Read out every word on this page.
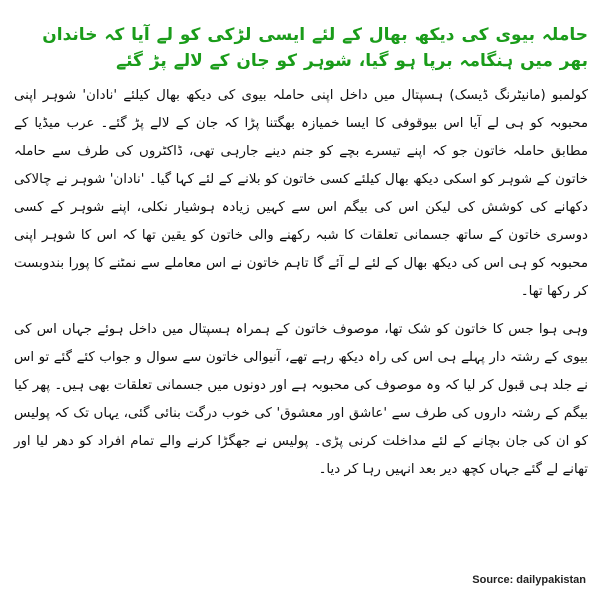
حاملہ بیوی کی دیکھ بھال کے لئے ایسی لڑکی کو لے آیا کہ خاندان بھر میں ہنگامہ برپا ہو گیا، شوہر کو جان کے لالے پڑ گئے

کولمبو (مانیٹرنگ ڈیسک) ہسپتال میں داخل اپنی حاملہ بیوی کی دیکھ بھال کیلئے 'نادان' شوہر اپنی محبوبہ کو ہی لے آیا اس بیوقوفی کا ایسا خمیازہ بھگتنا پڑا کہ جان کے لالے پڑ گئے۔ عرب میڈیا کے مطابق حاملہ خاتون جو کہ اپنے تیسرے بچے کو جنم دینے جارہی تھی، ڈاکٹروں کی طرف سے حاملہ خاتون کے شوہر کو اسکی دیکھ بھال کیلئے کسی خاتون کو بلانے کے لئے کہا گیا۔ 'نادان' شوہر نے چالاکی دکھانے کی کوشش کی لیکن اس کی بیگم اس سے کہیں زیادہ ہوشیار نکلی، اپنے شوہر کے کسی دوسری خاتون کے ساتھ جسمانی تعلقات کا شبہ رکھنے والی خاتون کو یقین تھا کہ اس کا شوہر اپنی محبوبہ کو ہی اس کی دیکھ بھال کے لئے لے آئے گا تاہم خاتون نے اس معاملے سے نمٹنے کا پورا بندوبست کر رکھا تھا۔

وہی ہوا جس کا خاتون کو شک تھا، موصوف خاتون کے ہمراہ ہسپتال میں داخل ہوئے جہاں اس کی بیوی کے رشتہ دار پہلے ہی اس کی راہ دیکھ رہے تھے، آنیوالی خاتون سے سوال و جواب کئے گئے تو اس نے جلد ہی قبول کر لیا کہ وہ موصوف کی محبوبہ ہے اور دونوں میں جسمانی تعلقات بھی ہیں۔ پھر کیا بیگم کے رشتہ داروں کی طرف سے 'عاشق اور معشوق' کی خوب درگت بنائی گئی، یہاں تک کہ پولیس کو ان کی جان بچانے کے لئے مداخلت کرنی پڑی۔ پولیس نے جھگڑا کرنے والے تمام افراد کو دھر لیا اور تھانے لے گئے جہاں کچھ دیر بعد انہیں رہا کر دیا۔

Source: dailypakistan
